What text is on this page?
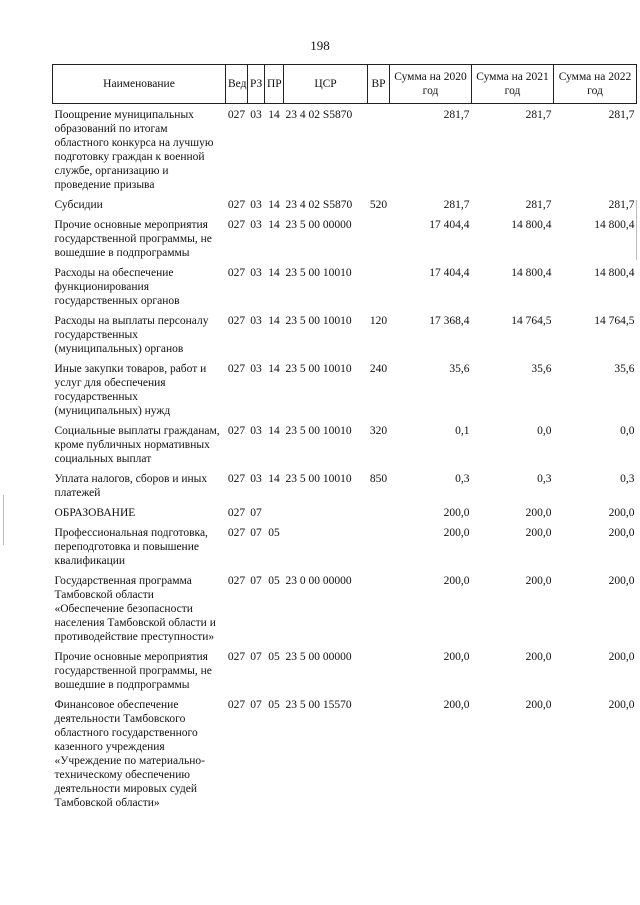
198
Наименование	Вед	РЗ	ПР	ЦСР	ВР	Сумма на 2020 год	Сумма на 2021 год	Сумма на 2022 год
Поощрение муниципальных образований по итогам областного конкурса на лучшую подготовку граждан к военной службе, организацию и проведение призыва	027	03	14	23 4 02 S5870		281,7	281,7	281,7
Субсидии	027	03	14	23 4 02 S5870	520	281,7	281,7	281,7
Прочие основные мероприятия государственной программы, не вошедшие в подпрограммы	027	03	14	23 5 00 00000		17 404,4	14 800,4	14 800,4
Расходы на обеспечение функционирования государственных органов	027	03	14	23 5 00 10010		17 404,4	14 800,4	14 800,4
Расходы на выплаты персоналу государственных (муниципальных) органов	027	03	14	23 5 00 10010	120	17 368,4	14 764,5	14 764,5
Иные закупки товаров, работ и услуг для обеспечения государственных (муниципальных) нужд	027	03	14	23 5 00 10010	240	35,6	35,6	35,6
Социальные выплаты гражданам, кроме публичных нормативных социальных выплат	027	03	14	23 5 00 10010	320	0,1	0,0	0,0
Уплата налогов, сборов и иных платежей	027	03	14	23 5 00 10010	850	0,3	0,3	0,3
ОБРАЗОВАНИЕ	027	07				200,0	200,0	200,0
Профессиональная подготовка, переподготовка и повышение квалификации	027	07	05			200,0	200,0	200,0
Государственная программа Тамбовской области «Обеспечение безопасности населения Тамбовской области и противодействие преступности»	027	07	05	23 0 00 00000		200,0	200,0	200,0
Прочие основные мероприятия государственной программы, не вошедшие в подпрограммы	027	07	05	23 5 00 00000		200,0	200,0	200,0
Финансовое обеспечение деятельности Тамбовского областного государственного казенного учреждения «Учреждение по материально-техническому обеспечению деятельности мировых судей Тамбовской области»	027	07	05	23 5 00 15570		200,0	200,0	200,0
